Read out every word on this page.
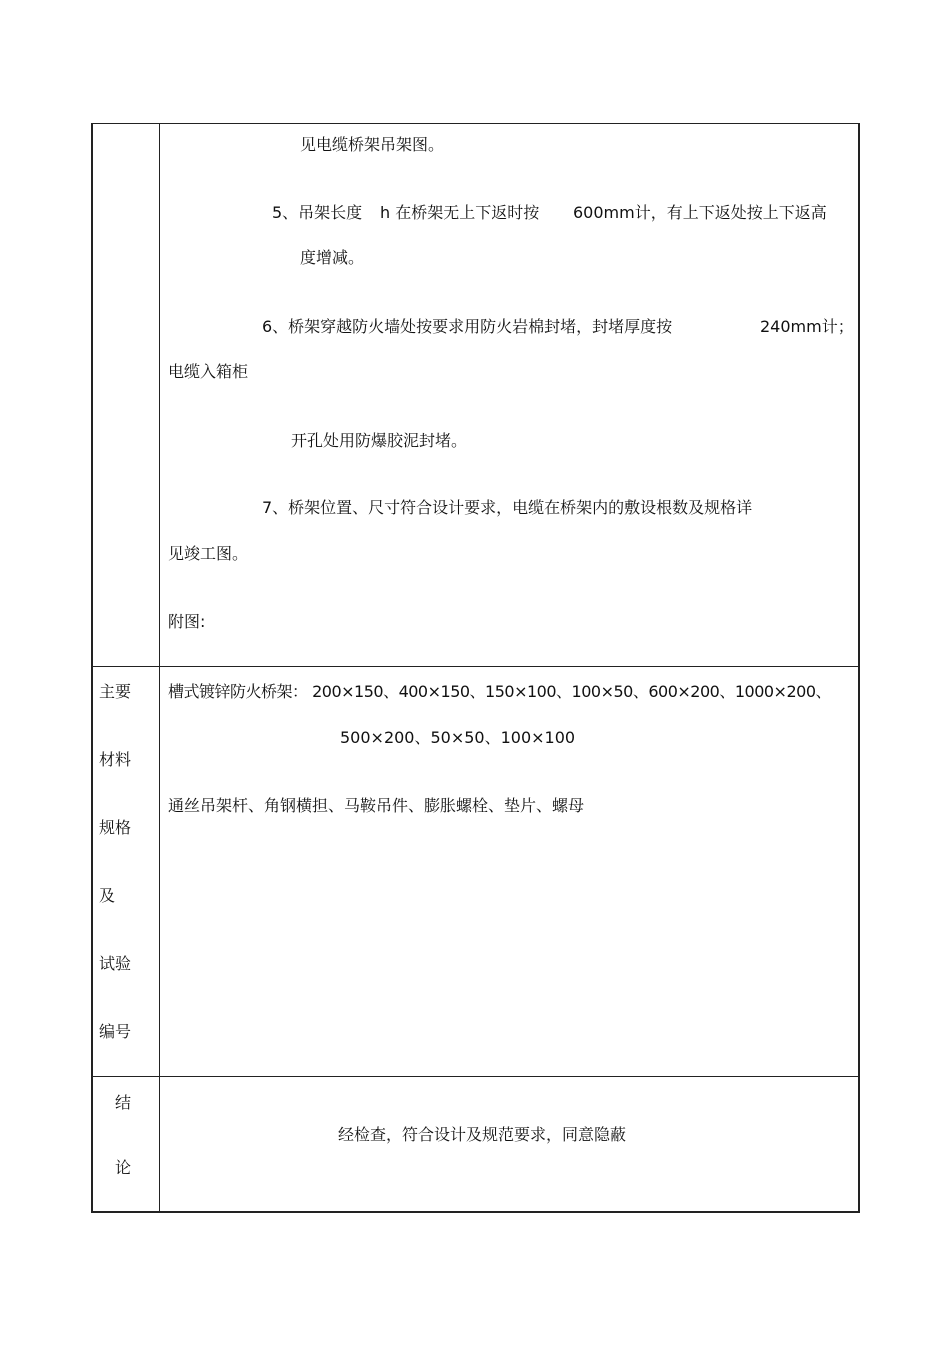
见电缆桥架吊架图。
5、吊架长度 h 在桥架无上下返时按 600mm计，有上下返处按上下返高
度增减。
6、桥架穿越防火墙处按要求用防火岩棉封堵，封堵厚度按	240mm计；
电缆入箱柜
开孔处用防爆胶泥封堵。
7、桥架位置、尺寸符合设计要求，电缆在桥架内的敷设根数及规格详
见竣工图。
附图:
主要
材料
规格
及
试验
编号
槽式镀锌防火桥架： 200×150、400×150、150×100、100×50、600×200、1000×200、
500×200、50×50、100×100
通丝吊架杆、角钢横担、马鞍吊件、膨胀螺栓、垫片、螺母
结
论
经检查，符合设计及规范要求，同意隐蔽
